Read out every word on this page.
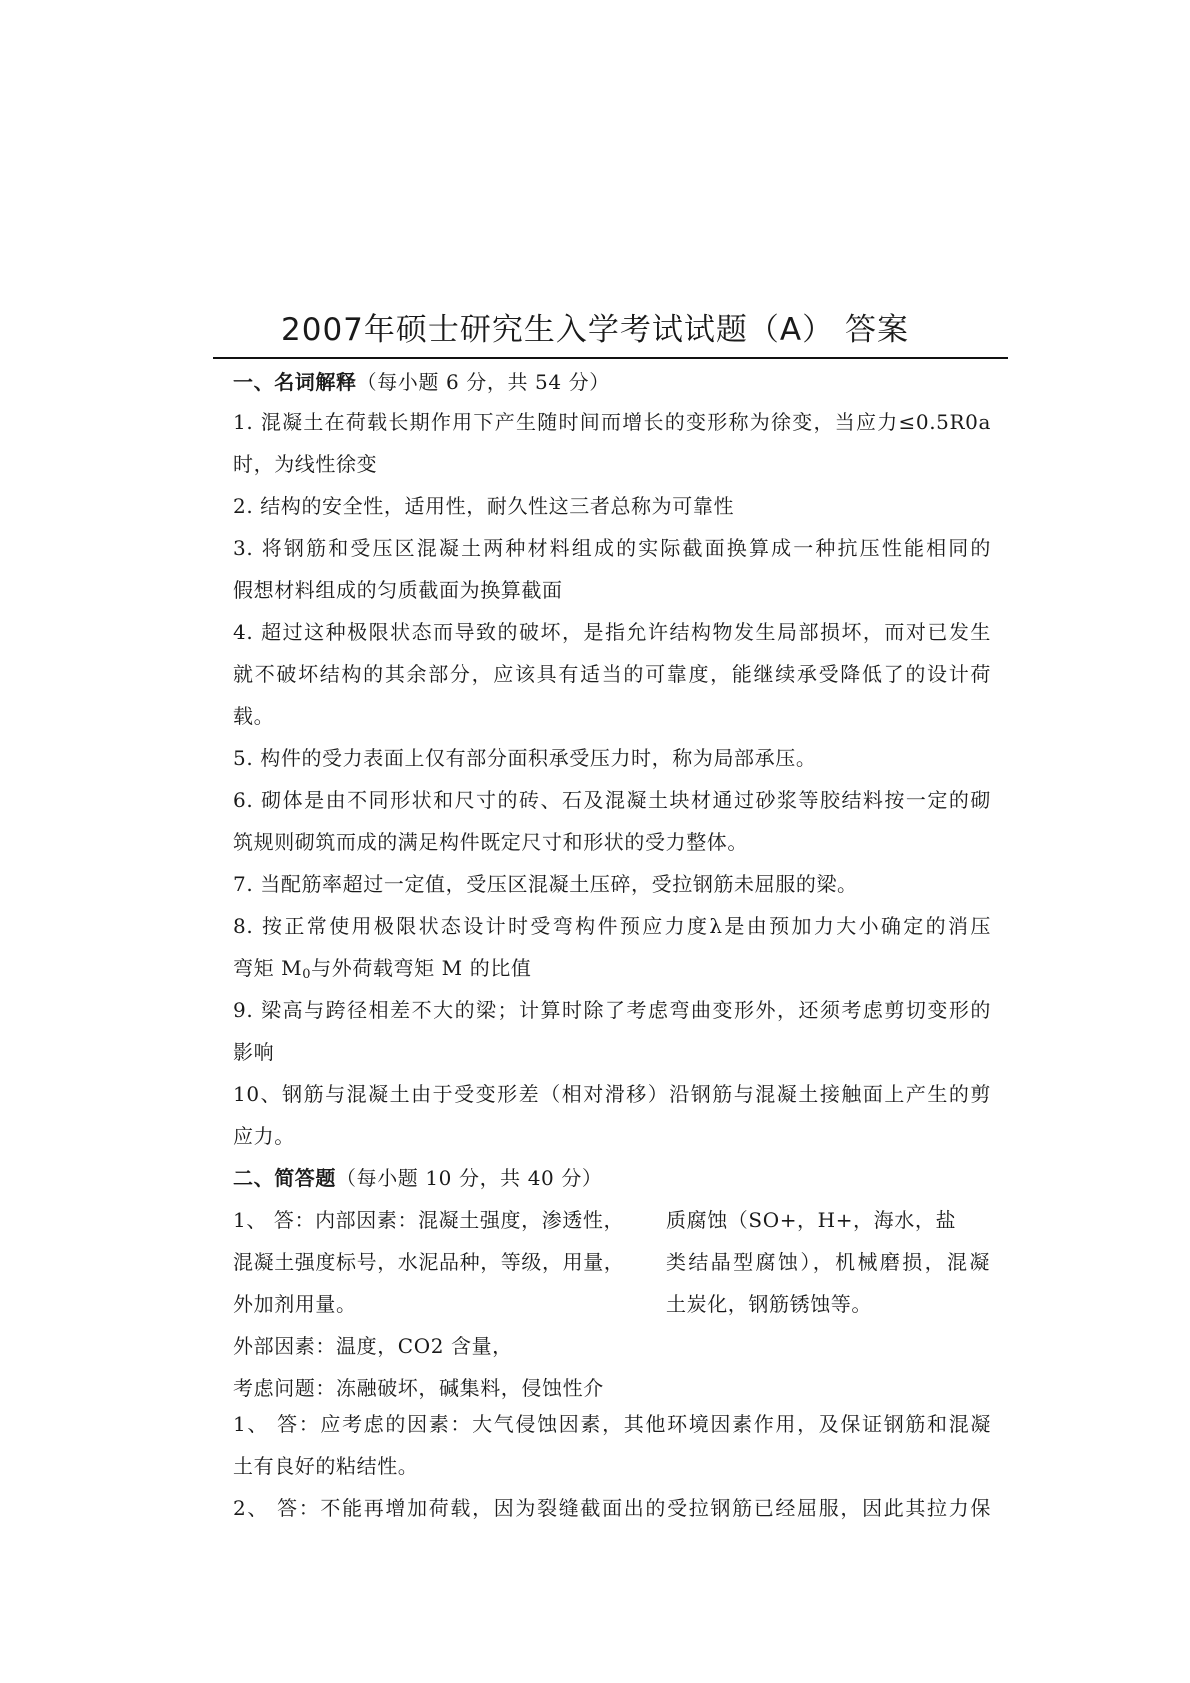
2007年硕士研究生入学考试试题（A） 答案
一、名词解释（每小题 6 分，共 54 分）
1. 混凝土在荷载长期作用下产生随时间而增长的变形称为徐变，当应力≤0.5R0a
时，为线性徐变
2. 结构的安全性，适用性，耐久性这三者总称为可靠性
3. 将钢筋和受压区混凝土两种材料组成的实际截面换算成一种抗压性能相同的
假想材料组成的匀质截面为换算截面
4. 超过这种极限状态而导致的破坏，是指允许结构物发生局部损坏，而对已发生
就不破坏结构的其余部分，应该具有适当的可靠度，能继续承受降低了的设计荷
载。
5. 构件的受力表面上仅有部分面积承受压力时，称为局部承压。
6. 砌体是由不同形状和尺寸的砖、石及混凝土块材通过砂浆等胶结料按一定的砌
筑规则砌筑而成的满足构件既定尺寸和形状的受力整体。
7. 当配筋率超过一定值，受压区混凝土压碎，受拉钢筋未屈服的梁。
8. 按正常使用极限状态设计时受弯构件预应力度λ是由预加力大小确定的消压
弯矩 $M_0$与外荷载弯矩 M 的比值
9. 梁高与跨径相差不大的梁；计算时除了考虑弯曲变形外，还须考虑剪切变形的
影响
10、钢筋与混凝土由于受变形差（相对滑移）沿钢筋与混凝土接触面上产生的剪
应力。
二、简答题（每小题 10 分，共 40 分）
1、 答：内部因素：混凝土强度，渗透性，
混凝土强度标号，水泥品种，等级，用量，
外加剂用量。
质腐蚀（SO+，H+，海水，盐
类结晶型腐蚀），机械磨损，混凝
土炭化，钢筋锈蚀等。
外部因素：温度，CO2 含量，
考虑问题：冻融破坏，碱集料，侵蚀性介
1、 答：应考虑的因素：大气侵蚀因素，其他环境因素作用，及保证钢筋和混凝
土有良好的粘结性。
2、 答：不能再增加荷载，因为裂缝截面出的受拉钢筋已经屈服，因此其拉力保
